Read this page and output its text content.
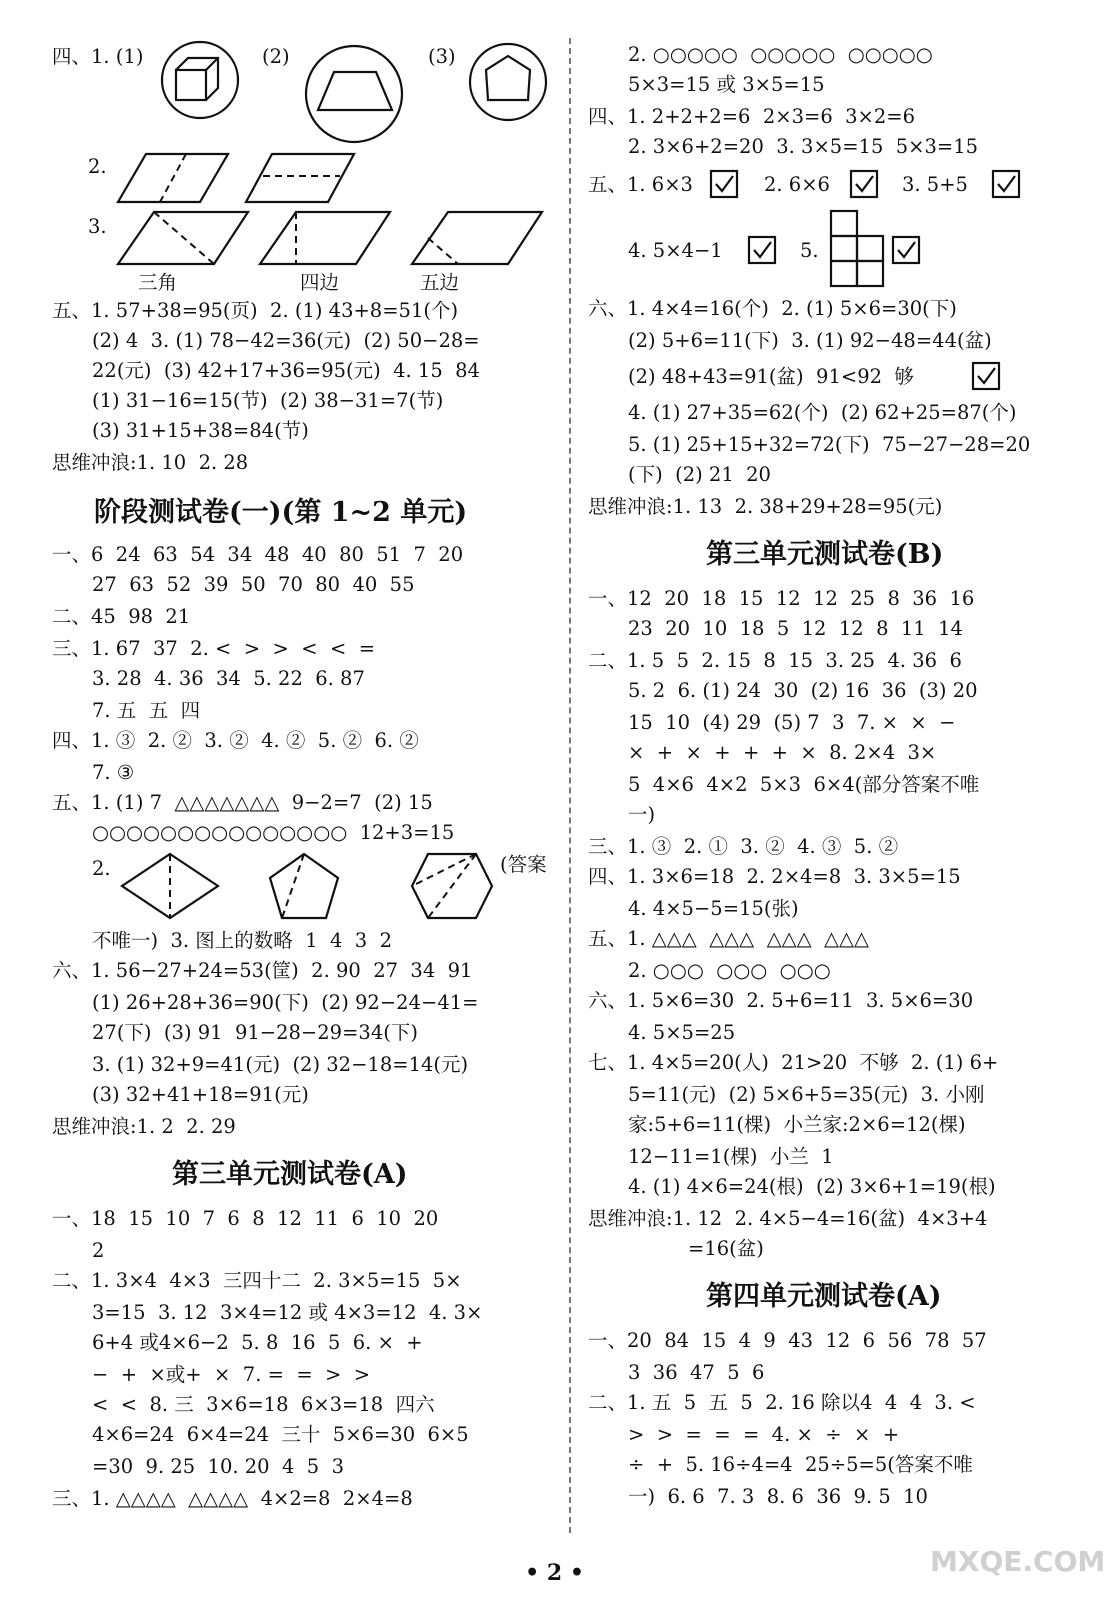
四、1. (1)	(2)	(3)
2.
3.
三角	四边	五边
五、1. 57+38=95(页)  2. (1) 43+8=51(个)
(2) 4  3. (1) 78−42=36(元)  (2) 50−28=
22(元)  (3) 42+17+36=95(元)  4. 15  84
(1) 31−16=15(节)  (2) 38−31=7(节)
(3) 31+15+38=84(节)
思维冲浪:1. 10  2. 28
阶段测试卷(一)(第 1~2 单元)
一、6  24  63  54  34  48  40  80  51  7  20
27  63  52  39  50  70  80  40  55
二、45  98  21
三、1. 67  37  2. <  >  >  <  <  =
3. 28  4. 36  34  5. 22  6. 87
7. 五  五  四
四、1. ③  2. ②  3. ②  4. ②  5. ②  6. ②
7. ③
五、1. (1) 7  △△△△△△△  9−2=7  (2) 15
○○○○○○○○○○○○○○○  12+3=15
2.	(答案
不唯一)  3. 图上的数略  1  4  3  2
六、1. 56−27+24=53(筐)  2. 90  27  34  91
(1) 26+28+36=90(下)  (2) 92−24−41=
27(下)  (3) 91  91−28−29=34(下)
3. (1) 32+9=41(元)  (2) 32−18=14(元)
(3) 32+41+18=91(元)
思维冲浪:1. 2  2. 29
第三单元测试卷(A)
一、18  15  10  7  6  8  12  11  6  10  20
2
二、1. 3×4  4×3  三四十二  2. 3×5=15  5×
3=15  3. 12  3×4=12 或 4×3=12  4. 3×
6+4 或4×6−2  5. 8  16  5  6. ×  +
−  +  ×或+  ×  7. =  =  >  >
<  <  8. 三  3×6=18  6×3=18  四六
4×6=24  6×4=24  三十  5×6=30  6×5
=30  9. 25  10. 20  4  5  3
三、1. △△△△  △△△△  4×2=8  2×4=8
2. ○○○○○  ○○○○○  ○○○○○
5×3=15 或 3×5=15
四、1. 2+2+2=6  2×3=6  3×2=6
2. 3×6+2=20  3. 3×5=15  5×3=15
五、1. 6×3	2. 6×6	3. 5+5
4. 5×4−1	5.
六、1. 4×4=16(个)  2. (1) 5×6=30(下)
(2) 5+6=11(下)  3. (1) 92−48=44(盆)
(2) 48+43=91(盆)  91<92  够
4. (1) 27+35=62(个)  (2) 62+25=87(个)
5. (1) 25+15+32=72(下)  75−27−28=20
(下)  (2) 21  20
思维冲浪:1. 13  2. 38+29+28=95(元)
第三单元测试卷(B)
一、12  20  18  15  12  12  25  8  36  16
23  20  10  18  5  12  12  8  11  14
二、1. 5  5  2. 15  8  15  3. 25  4. 36  6
5. 2  6. (1) 24  30  (2) 16  36  (3) 20
15  10  (4) 29  (5) 7  3  7. ×  ×  −
×  +  ×  +  +  +  ×  8. 2×4  3×
5  4×6  4×2  5×3  6×4(部分答案不唯
一)
三、1. ③  2. ①  3. ②  4. ③  5. ②
四、1. 3×6=18  2. 2×4=8  3. 3×5=15
4. 4×5−5=15(张)
五、1. △△△  △△△  △△△  △△△
2. ○○○  ○○○  ○○○
六、1. 5×6=30  2. 5+6=11  3. 5×6=30
4. 5×5=25
七、1. 4×5=20(人)  21>20  不够  2. (1) 6+
5=11(元)  (2) 5×6+5=35(元)  3. 小刚
家:5+6=11(棵)  小兰家:2×6=12(棵)
12−11=1(棵)  小兰  1
4. (1) 4×6=24(根)  (2) 3×6+1=19(根)
思维冲浪:1. 12  2. 4×5−4=16(盆)  4×3+4
=16(盆)
第四单元测试卷(A)
一、20  84  15  4  9  43  12  6  56  78  57
3  36  47  5  6
二、1. 五  5  五  5  2. 16 除以4  4  4  3. <
>  >  =  =  =  4. ×  ÷  ×  +
÷  +  5. 16÷4=4  25÷5=5(答案不唯
一)  6. 6  7. 3  8. 6  36  9. 5  10
• 2 •	MXQE.COM
